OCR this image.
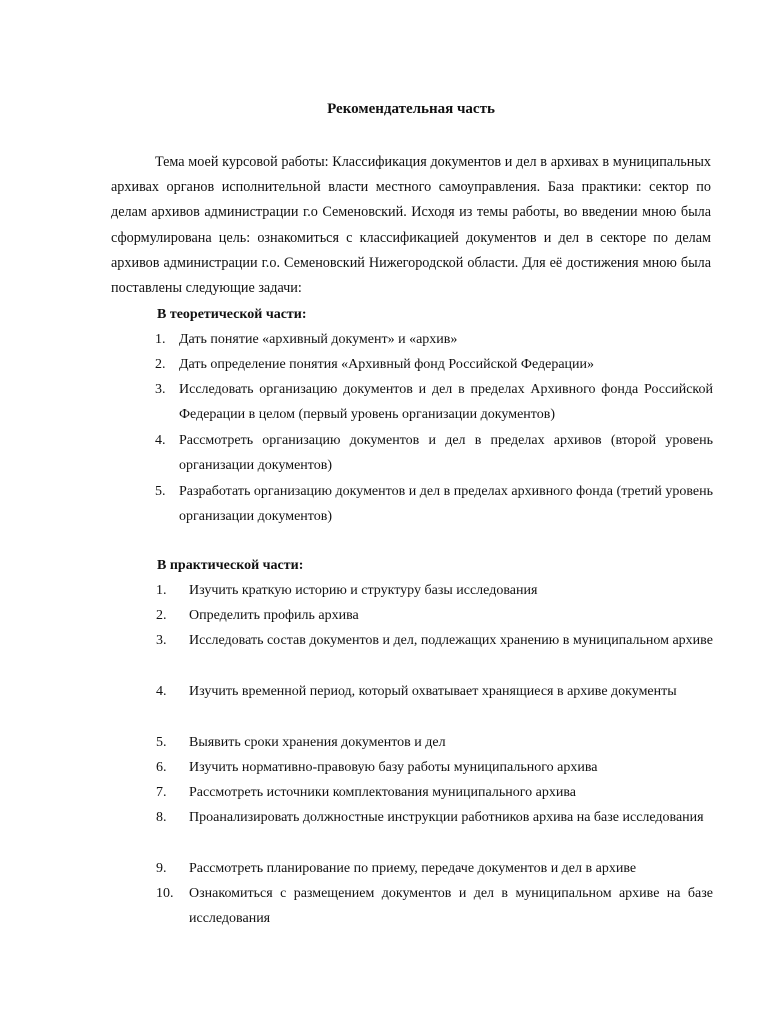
Рекомендательная часть

Тема моей курсовой работы: Классификация документов и дел в архивах в муниципальных архивах органов исполнительной власти местного самоуправления. База практики: сектор по делам архивов администрации г.о Семеновский. Исходя из темы работы, во введении мною была сформулирована цель: ознакомиться с классификацией документов и дел в секторе по делам архивов администрации г.о. Семеновский Нижегородской области. Для её достижения мною была поставлены следующие задачи:

В теоретической части:
1. Дать понятие «архивный документ» и «архив»
2. Дать определение понятия «Архивный фонд Российской Федерации»
3. Исследовать организацию документов и дел в пределах Архивного фонда Российской Федерации в целом (первый уровень организации документов)
4. Рассмотреть организацию документов и дел в пределах архивов (второй уровень организации документов)
5. Разработать организацию документов и дел в пределах архивного фонда (третий уровень организации документов)
В практической части:
1. Изучить краткую историю и структуру базы исследования
2. Определить профиль архива
3. Исследовать состав документов и дел, подлежащих хранению в муниципальном архиве
4. Изучить временной период, который охватывает хранящиеся в архиве документы
5. Выявить сроки хранения документов и дел
6. Изучить нормативно-правовую базу работы муниципального архива
7. Рассмотреть источники комплектования муниципального архива
8. Проанализировать должностные инструкции работников архива на базе исследования
9. Рассмотреть планирование по приему, передаче документов и дел в архиве
10. Ознакомиться с размещением документов и дел в муниципальном архиве на базе исследования
